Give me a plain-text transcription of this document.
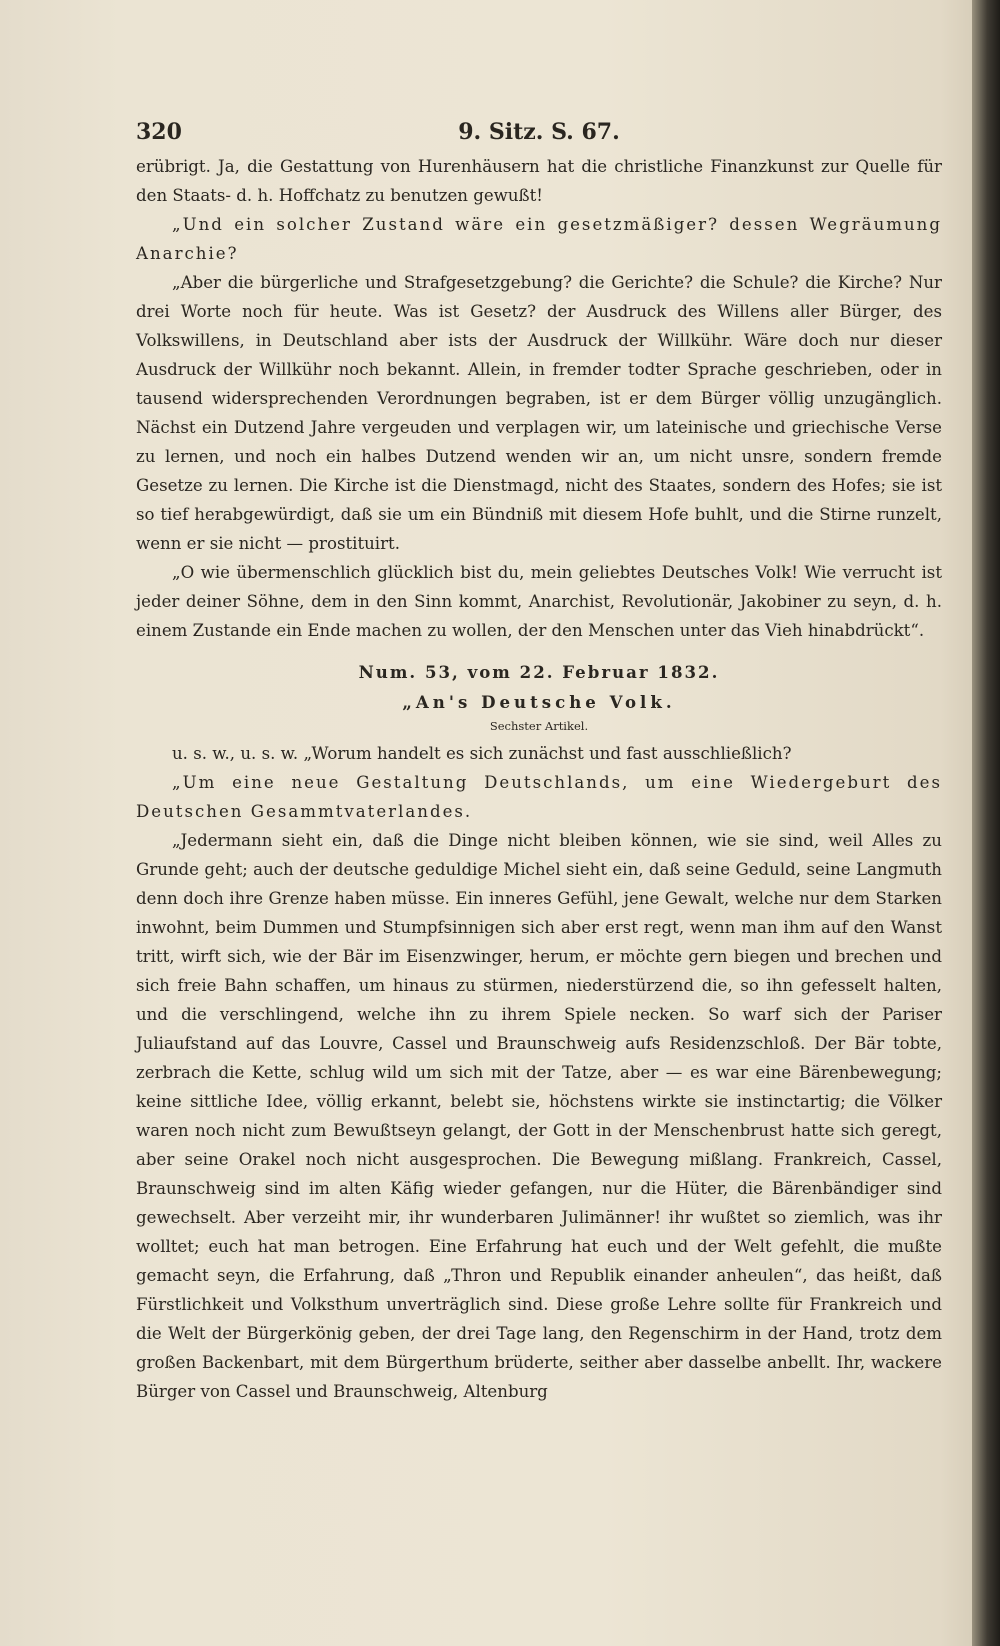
320	9. Sitz. S. 67.

erübrigt. Ja, die Gestattung von Hurenhäusern hat die christliche Finanzkunst zur Quelle für den Staats- d. h. Hoffchatz zu benutzen gewußt!

„Und ein solcher Zustand wäre ein gesetzmäßiger? dessen Wegräumung Anarchie?

„Aber die bürgerliche und Strafgesetzgebung? die Gerichte? die Schule? die Kirche? Nur drei Worte noch für heute. Was ist Gesetz? der Ausdruck des Willens aller Bürger, des Volkswillens, in Deutschland aber ists der Ausdruck der Willkühr. Wäre doch nur dieser Ausdruck der Willkühr noch bekannt. Allein, in fremder todter Sprache geschrieben, oder in tausend widersprechenden Verordnungen begraben, ist er dem Bürger völlig unzugänglich. Nächst ein Dutzend Jahre vergeuden und verplagen wir, um lateinische und griechische Verse zu lernen, und noch ein halbes Dutzend wenden wir an, um nicht unsre, sondern fremde Gesetze zu lernen. Die Kirche ist die Dienstmagd, nicht des Staates, sondern des Hofes; sie ist so tief herabgewürdigt, daß sie um ein Bündniß mit diesem Hofe buhlt, und die Stirne runzelt, wenn er sie nicht — prostituirt.

„O wie übermenschlich glücklich bist du, mein geliebtes Deutsches Volk! Wie verrucht ist jeder deiner Söhne, dem in den Sinn kommt, Anarchist, Revolutionär, Jakobiner zu seyn, d. h. einem Zustande ein Ende machen zu wollen, der den Menschen unter das Vieh hinabdrückt“.

Num. 53, vom 22. Februar 1832.
„An's Deutsche Volk.
Sechster Artikel.

u. s. w., u. s. w. „Worum handelt es sich zunächst und fast ausschließlich?

„Um eine neue Gestaltung Deutschlands, um eine Wiedergeburt des Deutschen Gesammtvaterlandes.

„Jedermann sieht ein, daß die Dinge nicht bleiben können, wie sie sind, weil Alles zu Grunde geht; auch der deutsche geduldige Michel sieht ein, daß seine Geduld, seine Langmuth denn doch ihre Grenze haben müsse. Ein inneres Gefühl, jene Gewalt, welche nur dem Starken inwohnt, beim Dummen und Stumpfsinnigen sich aber erst regt, wenn man ihm auf den Wanst tritt, wirft sich, wie der Bär im Eisenzwinger, herum, er möchte gern biegen und brechen und sich freie Bahn schaffen, um hinaus zu stürmen, niederstürzend die, so ihn gefesselt halten, und die verschlingend, welche ihn zu ihrem Spiele necken. So warf sich der Pariser Juliaufstand auf das Louvre, Cassel und Braunschweig aufs Residenzschloß. Der Bär tobte, zerbrach die Kette, schlug wild um sich mit der Tatze, aber — es war eine Bärenbewegung; keine sittliche Idee, völlig erkannt, belebt sie, höchstens wirkte sie instinctartig; die Völker waren noch nicht zum Bewußtseyn gelangt, der Gott in der Menschenbrust hatte sich geregt, aber seine Orakel noch nicht ausgesprochen. Die Bewegung mißlang. Frankreich, Cassel, Braunschweig sind im alten Käfig wieder gefangen, nur die Hüter, die Bärenbändiger sind gewechselt. Aber verzeiht mir, ihr wunderbaren Julimänner! ihr wußtet so ziemlich, was ihr wolltet; euch hat man betrogen. Eine Erfahrung hat euch und der Welt gefehlt, die mußte gemacht seyn, die Erfahrung, daß „Thron und Republik einander anheulen“, das heißt, daß Fürstlichkeit und Volksthum unverträglich sind. Diese große Lehre sollte für Frankreich und die Welt der Bürgerkönig geben, der drei Tage lang, den Regenschirm in der Hand, trotz dem großen Backenbart, mit dem Bürgerthum brüderte, seither aber dasselbe anbellt. Ihr, wackere Bürger von Cassel und Braunschweig, Altenburg
